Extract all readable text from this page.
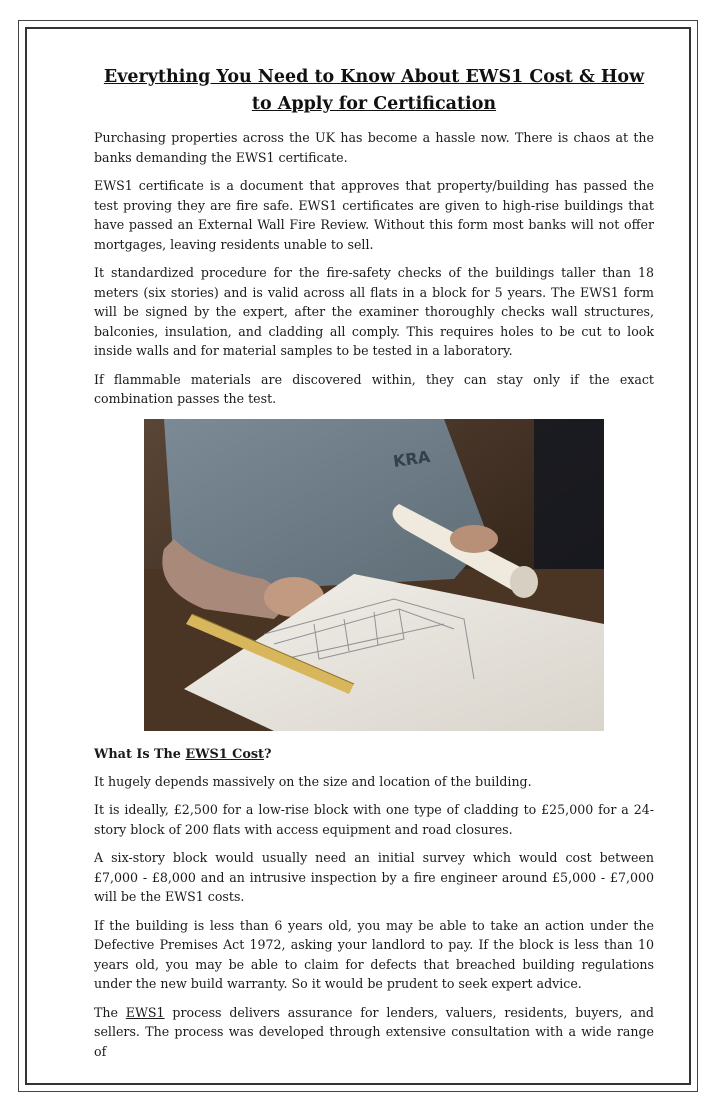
Everything You Need to Know About EWS1 Cost & How to Apply for Certification

Purchasing properties across the UK has become a hassle now. There is chaos at the banks demanding the EWS1 certificate.

EWS1 certificate is a document that approves that property/building has passed the test proving they are fire safe. EWS1 certificates are given to high-rise buildings that have passed an External Wall Fire Review. Without this form most banks will not offer mortgages, leaving residents unable to sell.

It standardized procedure for the fire-safety checks of the buildings taller than 18 meters (six stories) and is valid across all flats in a block for 5 years. The EWS1 form will be signed by the expert, after the examiner thoroughly checks wall structures, balconies, insulation, and cladding all comply. This requires holes to be cut to look inside walls and for material samples to be tested in a laboratory.

If flammable materials are discovered within, they can stay only if the exact combination passes the test.

KRA
What Is The EWS1 Cost?

It hugely depends massively on the size and location of the building.

It is ideally, £2,500 for a low-rise block with one type of cladding to £25,000 for a 24-story block of 200 flats with access equipment and road closures.

A six-story block would usually need an initial survey which would cost between £7,000 - £8,000 and an intrusive inspection by a fire engineer around £5,000 - £7,000 will be the EWS1 costs.

If the building is less than 6 years old, you may be able to take an action under the Defective Premises Act 1972, asking your landlord to pay. If the block is less than 10 years old, you may be able to claim for defects that breached building regulations under the new build warranty. So it would be prudent to seek expert advice.

The EWS1 process delivers assurance for lenders, valuers, residents, buyers, and sellers. The process was developed through extensive consultation with a wide range of
